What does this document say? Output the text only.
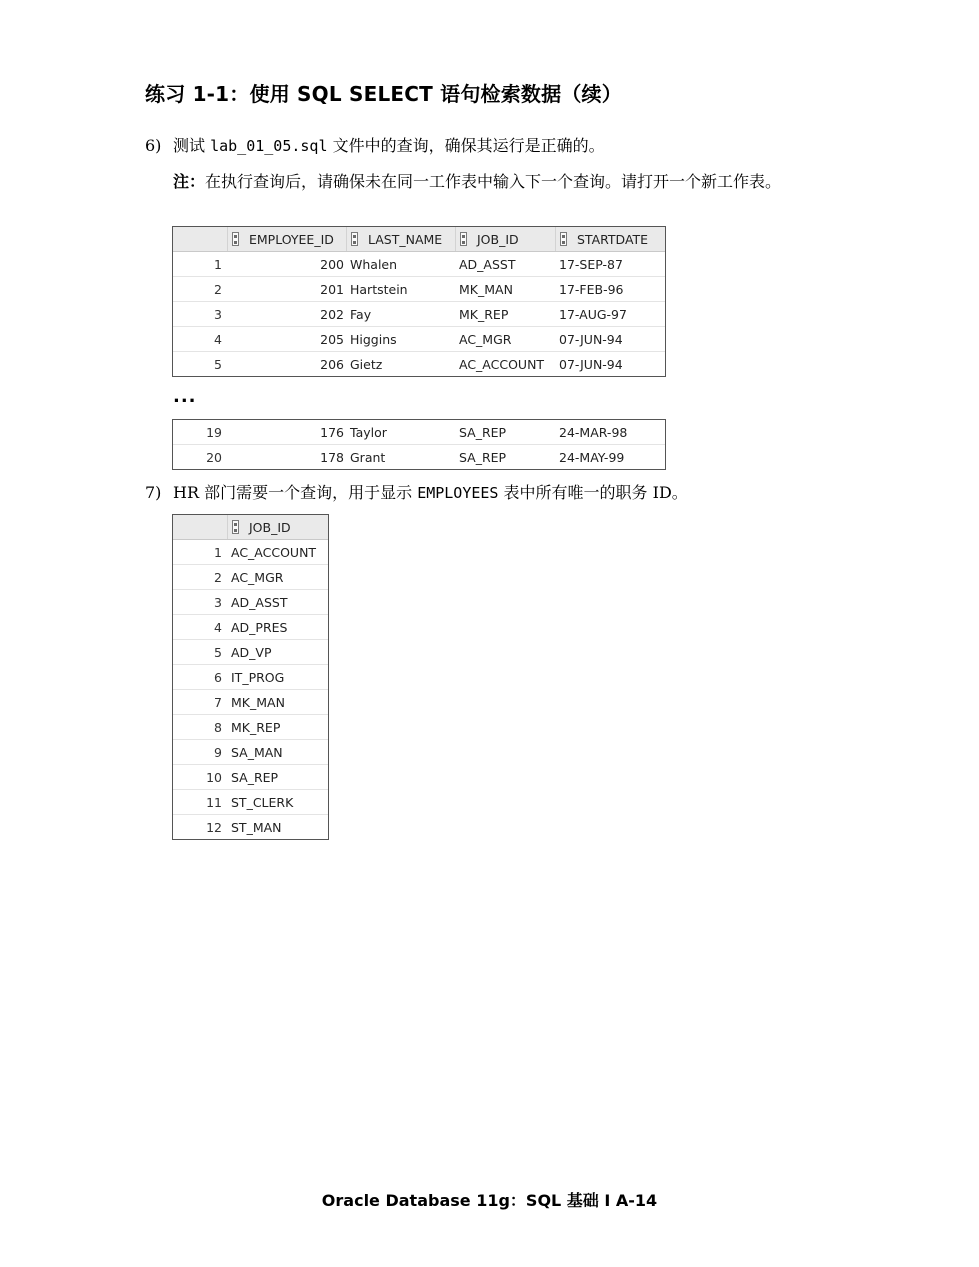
练习 1-1：使用 SQL SELECT 语句检索数据（续）
6) 测试 lab_01_05.sql 文件中的查询，确保其运行是正确的。
注：在执行查询后，请确保未在同一工作表中输入下一个查询。请打开一个新工作表。
EMPLOYEE_ID	LAST_NAME	JOB_ID	STARTDATE
1	200 Whalen	AD_ASST	17-SEP-87
2	201 Hartstein	MK_MAN	17-FEB-96
3	202 Fay	MK_REP	17-AUG-97
4	205 Higgins	AC_MGR	07-JUN-94
5	206 Gietz	AC_ACCOUNT	07-JUN-94
...
19	176 Taylor	SA_REP	24-MAR-98
20	178 Grant	SA_REP	24-MAY-99
7) HR 部门需要一个查询，用于显示 EMPLOYEES 表中所有唯一的职务 ID。
JOB_ID
1 AC_ACCOUNT
2 AC_MGR
3 AD_ASST
4 AD_PRES
5 AD_VP
6 IT_PROG
7 MK_MAN
8 MK_REP
9 SA_MAN
10 SA_REP
11 ST_CLERK
12 ST_MAN
Oracle Database 11g：SQL 基础 I A-14
